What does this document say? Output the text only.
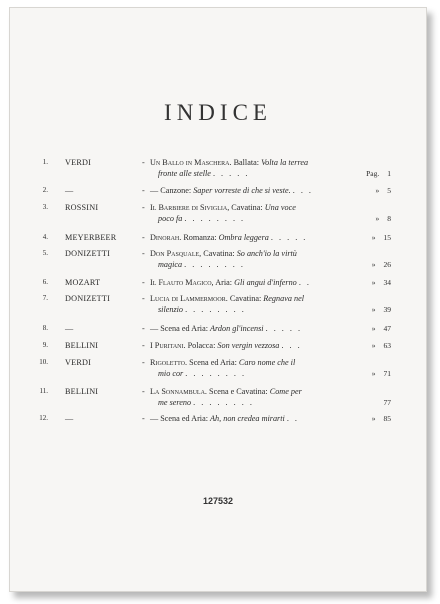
INDICE
1. VERDI	- Un Ballo in Maschera. Ballata: Volta la terrea
fronte alle stelle . . . . .	Pag. 1
2. —	- — Canzone: Saper vorreste di che si veste. . . .	» 5
3. ROSSINI	- Il Barbiere di Siviglia, Cavatina: Una voce
poco fa . . . . . . . .	» 8
4. MEYERBEER	- Dinorah. Romanza: Ombra leggera . . . . .	» 15
5. DONIZETTI	- Don Pasquale, Cavatina: So anch'io la virtù
magica . . . . . . . .	» 26
6. MOZART	- Il Flauto Magico, Aria: Gli angui d'inferno . .	» 34
7. DONIZETTI	- Lucia di Lammermoor. Cavatina: Regnava nel
silenzio . . . . . . . .	» 39
8. —	- — Scena ed Aria: Ardon gl'incensi . . . . .	» 47
9. BELLINI	- I Puritani. Polacca: Son vergin vezzosa . . .	» 63
10. VERDI	- Rigoletto. Scena ed Aria: Caro nome che il
mio cor . . . . . . . .	» 71
11. BELLINI	- La Sonnambula. Scena e Cavatina: Come per
me sereno . . . . . . . .	77
12. —	- — Scena ed Aria: Ah, non credea mirarti . .	» 85
127532
